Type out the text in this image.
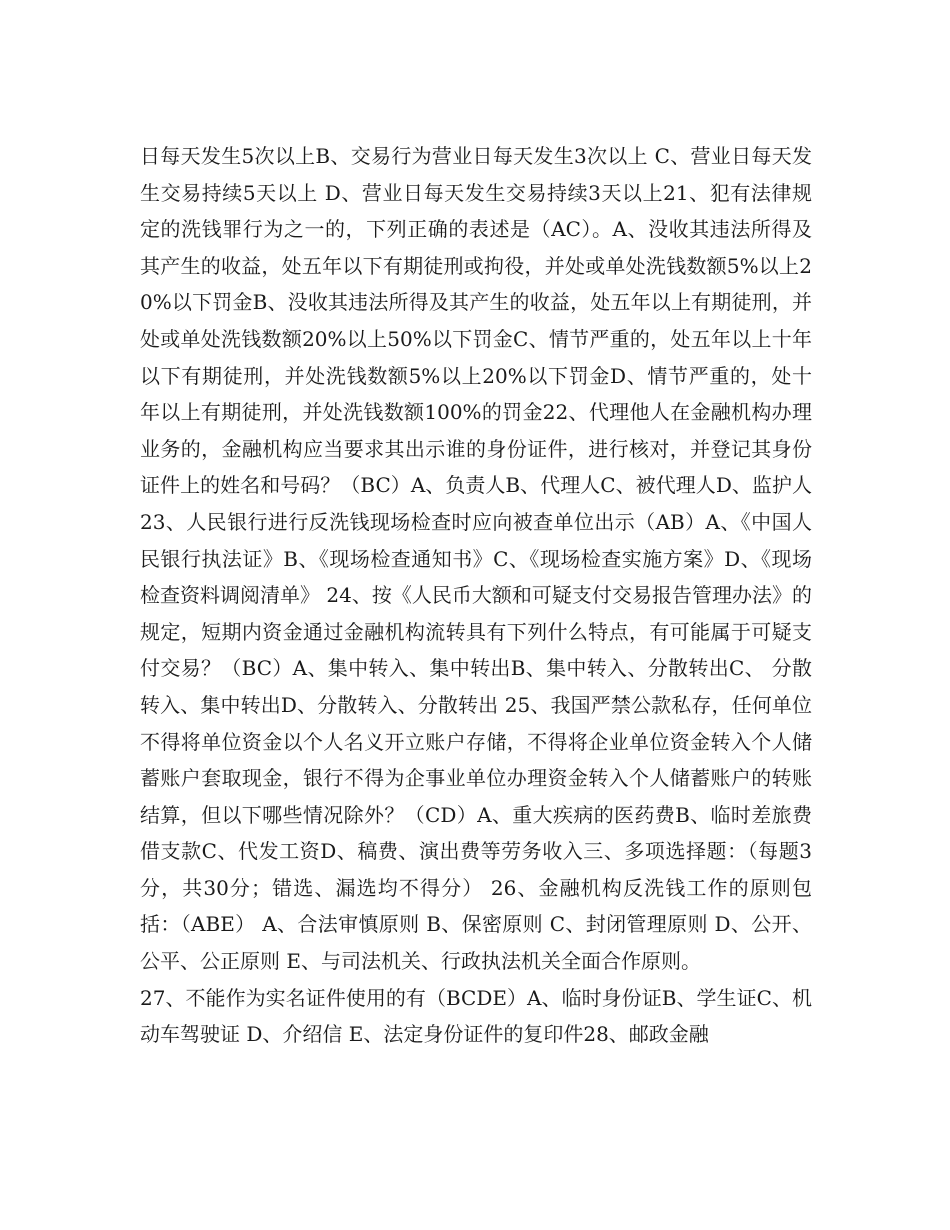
日每天发生5次以上B、交易行为营业日每天发生3次以上 C、营业日每天发生交易持续5天以上 D、营业日每天发生交易持续3天以上21、犯有法律规定的洗钱罪行为之一的，下列正确的表述是（AC）。A、没收其违法所得及其产生的收益，处五年以下有期徒刑或拘役，并处或单处洗钱数额5%以上20%以下罚金B、没收其违法所得及其产生的收益，处五年以上有期徒刑，并处或单处洗钱数额20%以上50%以下罚金C、情节严重的，处五年以上十年以下有期徒刑，并处洗钱数额5%以上20%以下罚金D、情节严重的，处十年以上有期徒刑，并处洗钱数额100%的罚金22、代理他人在金融机构办理业务的，金融机构应当要求其出示谁的身份证件，进行核对，并登记其身份证件上的姓名和号码？（BC）A、负责人B、代理人C、被代理人D、监护人 23、人民银行进行反洗钱现场检查时应向被查单位出示（AB）A、《中国人民银行执法证》B、《现场检查通知书》C、《现场检查实施方案》D、《现场检查资料调阅清单》 24、按《人民币大额和可疑支付交易报告管理办法》的规定，短期内资金通过金融机构流转具有下列什么特点，有可能属于可疑支付交易？（BC）A、集中转入、集中转出B、集中转入、分散转出C、 分散转入、集中转出D、分散转入、分散转出 25、我国严禁公款私存，任何单位不得将单位资金以个人名义开立账户存储，不得将企业单位资金转入个人储蓄账户套取现金，银行不得为企事业单位办理资金转入个人储蓄账户的转账结算，但以下哪些情况除外？（CD）A、重大疾病的医药费B、临时差旅费借支款C、代发工资D、稿费、演出费等劳务收入三、多项选择题：（每题3分，共30分；错选、漏选均不得分） 26、金融机构反洗钱工作的原则包括：（ABE） A、合法审慎原则 B、保密原则 C、封闭管理原则 D、公开、公平、公正原则 E、与司法机关、行政执法机关全面合作原则。

27、不能作为实名证件使用的有（BCDE）A、临时身份证B、学生证C、机动车驾驶证 D、介绍信 E、法定身份证件的复印件28、邮政金融
